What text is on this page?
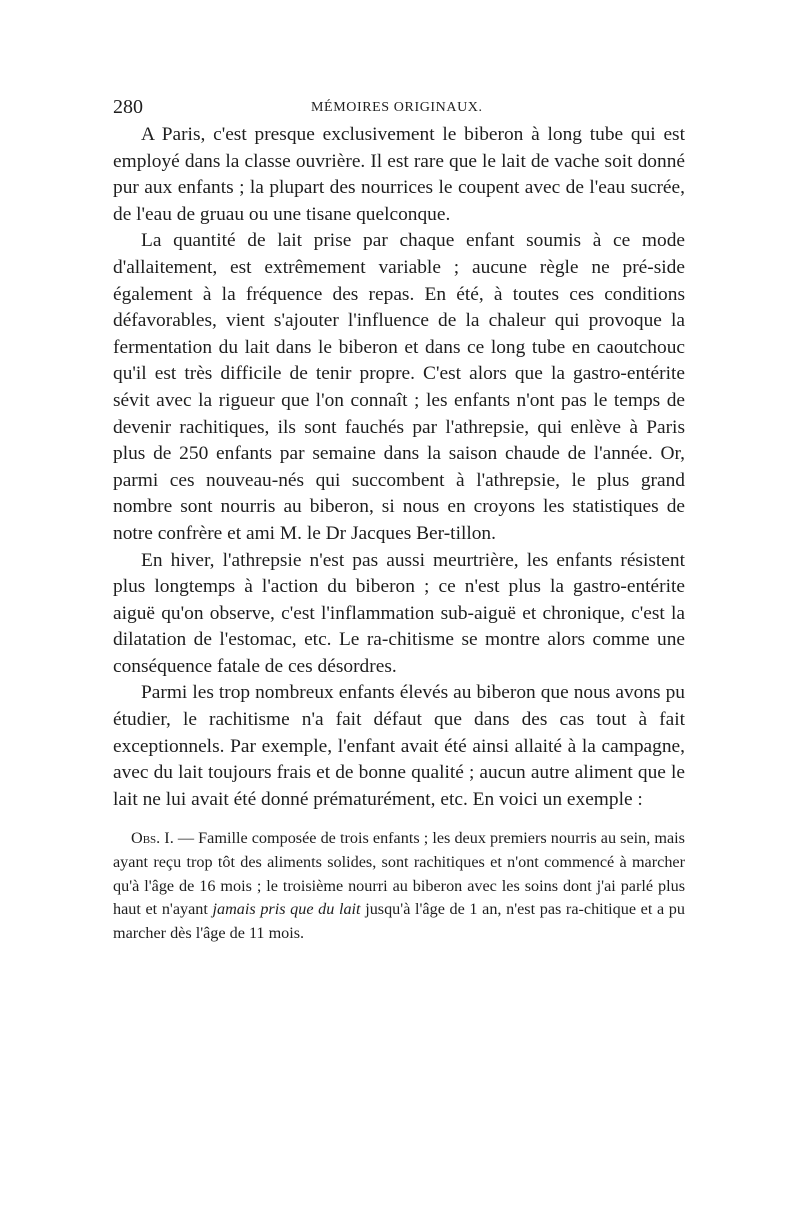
280	MÉMOIRES ORIGINAUX.

A Paris, c'est presque exclusivement le biberon à long tube qui est employé dans la classe ouvrière. Il est rare que le lait de vache soit donné pur aux enfants ; la plupart des nourrices le coupent avec de l'eau sucrée, de l'eau de gruau ou une tisane quelconque.

La quantité de lait prise par chaque enfant soumis à ce mode d'allaitement, est extrêmement variable ; aucune règle ne pré-side également à la fréquence des repas. En été, à toutes ces conditions défavorables, vient s'ajouter l'influence de la chaleur qui provoque la fermentation du lait dans le biberon et dans ce long tube en caoutchouc qu'il est très difficile de tenir propre. C'est alors que la gastro-entérite sévit avec la rigueur que l'on connaît ; les enfants n'ont pas le temps de devenir rachitiques, ils sont fauchés par l'athrepsie, qui enlève à Paris plus de 250 enfants par semaine dans la saison chaude de l'année. Or, parmi ces nouveau-nés qui succombent à l'athrepsie, le plus grand nombre sont nourris au biberon, si nous en croyons les statistiques de notre confrère et ami M. le Dr Jacques Ber-tillon.

En hiver, l'athrepsie n'est pas aussi meurtrière, les enfants résistent plus longtemps à l'action du biberon ; ce n'est plus la gastro-entérite aiguë qu'on observe, c'est l'inflammation sub-aiguë et chronique, c'est la dilatation de l'estomac, etc. Le ra-chitisme se montre alors comme une conséquence fatale de ces désordres.

Parmi les trop nombreux enfants élevés au biberon que nous avons pu étudier, le rachitisme n'a fait défaut que dans des cas tout à fait exceptionnels. Par exemple, l'enfant avait été ainsi allaité à la campagne, avec du lait toujours frais et de bonne qualité ; aucun autre aliment que le lait ne lui avait été donné prématurément, etc. En voici un exemple :

Obs. I. — Famille composée de trois enfants ; les deux premiers nourris au sein, mais ayant reçu trop tôt des aliments solides, sont rachitiques et n'ont commencé à marcher qu'à l'âge de 16 mois ; le troisième nourri au biberon avec les soins dont j'ai parlé plus haut et n'ayant jamais pris que du lait jusqu'à l'âge de 1 an, n'est pas ra-chitique et a pu marcher dès l'âge de 11 mois.
